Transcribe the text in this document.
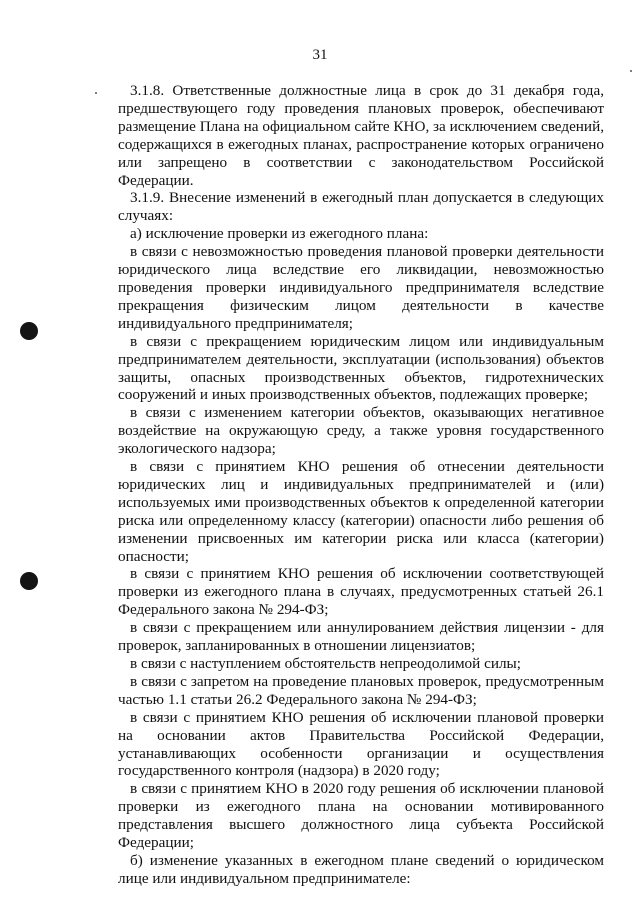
31

3.1.8. Ответственные должностные лица в срок до 31 декабря года, предшествующего году проведения плановых проверок, обеспечивают размещение Плана на официальном сайте КНО, за исключением сведений, содержащихся в ежегодных планах, распространение которых ограничено или запрещено в соответствии с законодательством Российской Федерации.

3.1.9. Внесение изменений в ежегодный план допускается в следующих случаях:

а) исключение проверки из ежегодного плана:

в связи с невозможностью проведения плановой проверки деятельности юридического лица вследствие его ликвидации, невозможностью проведения проверки индивидуального предпринимателя вследствие прекращения физическим лицом деятельности в качестве индивидуального предпринимателя;

в связи с прекращением юридическим лицом или индивидуальным предпринимателем деятельности, эксплуатации (использования) объектов защиты, опасных производственных объектов, гидротехнических сооружений и иных производственных объектов, подлежащих проверке;

в связи с изменением категории объектов, оказывающих негативное воздействие на окружающую среду, а также уровня государственного экологического надзора;

в связи с принятием КНО решения об отнесении деятельности юридических лиц и индивидуальных предпринимателей и (или) используемых ими производственных объектов к определенной категории риска или определенному классу (категории) опасности либо решения об изменении присвоенных им категории риска или класса (категории) опасности;

в связи с принятием КНО решения об исключении соответствующей проверки из ежегодного плана в случаях, предусмотренных статьей 26.1 Федерального закона № 294-ФЗ;

в связи с прекращением или аннулированием действия лицензии - для проверок, запланированных в отношении лицензиатов;

в связи с наступлением обстоятельств непреодолимой силы;

в связи с запретом на проведение плановых проверок, предусмотренным частью 1.1 статьи 26.2 Федерального закона № 294-ФЗ;

в связи с принятием КНО решения об исключении плановой проверки на основании актов Правительства Российской Федерации, устанавливающих особенности организации и осуществления государственного контроля (надзора) в 2020 году;

в связи с принятием КНО в 2020 году решения об исключении плановой проверки из ежегодного плана на основании мотивированного представления высшего должностного лица субъекта Российской Федерации;

б) изменение указанных в ежегодном плане сведений о юридическом лице или индивидуальном предпринимателе:
